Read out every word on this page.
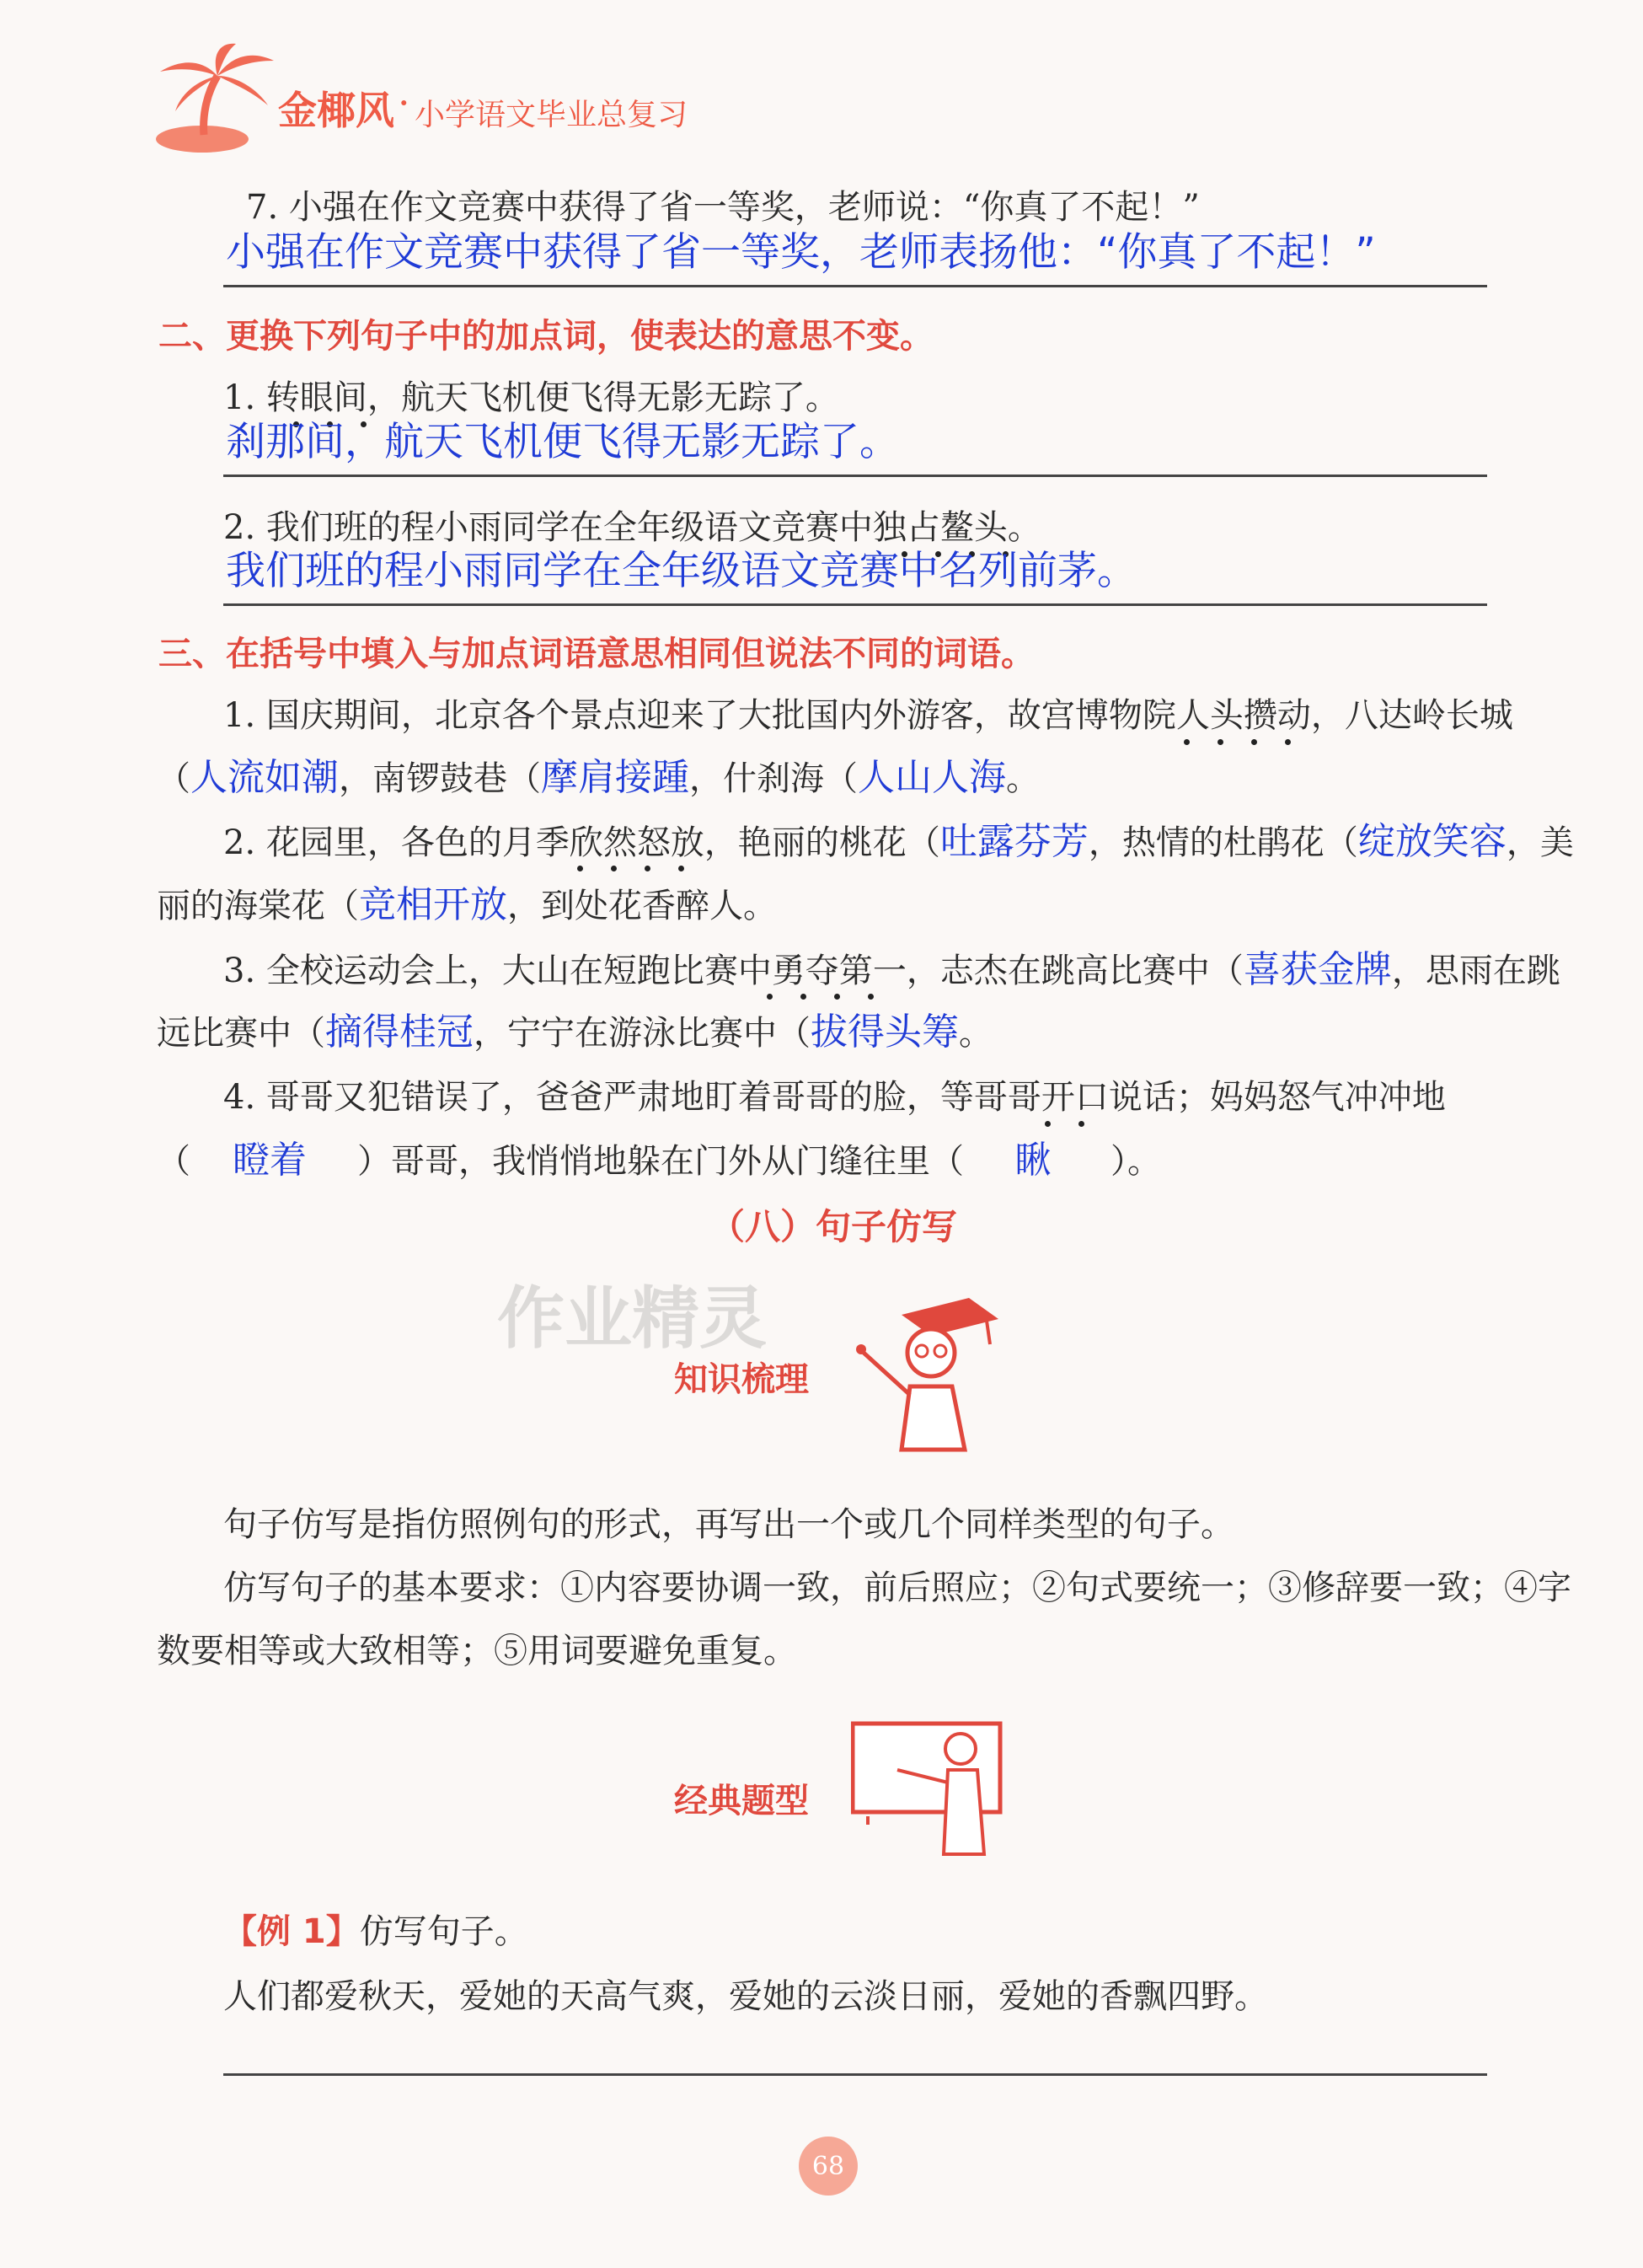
金椰风 · 小学语文毕业总复习
7. 小强在作文竞赛中获得了省一等奖，老师说：“你真了不起！”
小强在作文竞赛中获得了省一等奖，老师表扬他：“你真了不起！”
二、更换下列句子中的加点词，使表达的意思不变。
1. 转眼间，航天飞机便飞得无影无踪了。
刹那间，航天飞机便飞得无影无踪了。
2. 我们班的程小雨同学在全年级语文竞赛中独占鳌头。
我们班的程小雨同学在全年级语文竞赛中名列前茅。
三、在括号中填入与加点词语意思相同但说法不同的词语。
1. 国庆期间，北京各个景点迎来了大批国内外游客，故宫博物院人头攒动，八达岭长城
（人流如潮，南锣鼓巷（摩肩接踵，什刹海（人山人海。
2. 花园里，各色的月季欣然怒放，艳丽的桃花（吐露芬芳，热情的杜鹃花（绽放笑容，美
丽的海棠花（竞相开放，到处花香醉人。
3. 全校运动会上，大山在短跑比赛中勇夺第一，志杰在跳高比赛中（喜获金牌，思雨在跳
远比赛中（摘得桂冠，宁宁在游泳比赛中（拔得头筹。
4. 哥哥又犯错误了，爸爸严肃地盯着哥哥的脸，等哥哥开口说话；妈妈怒气冲冲地
（ 瞪着 ）哥哥，我悄悄地躲在门外从门缝往里（ 瞅 ）。
（八）句子仿写
作业精灵
知识梳理
句子仿写是指仿照例句的形式，再写出一个或几个同样类型的句子。
仿写句子的基本要求：①内容要协调一致，前后照应；②句式要统一；③修辞要一致；④字
数要相等或大致相等；⑤用词要避免重复。
经典题型
【例 1】仿写句子。
人们都爱秋天，爱她的天高气爽，爱她的云淡日丽，爱她的香飘四野。
68
